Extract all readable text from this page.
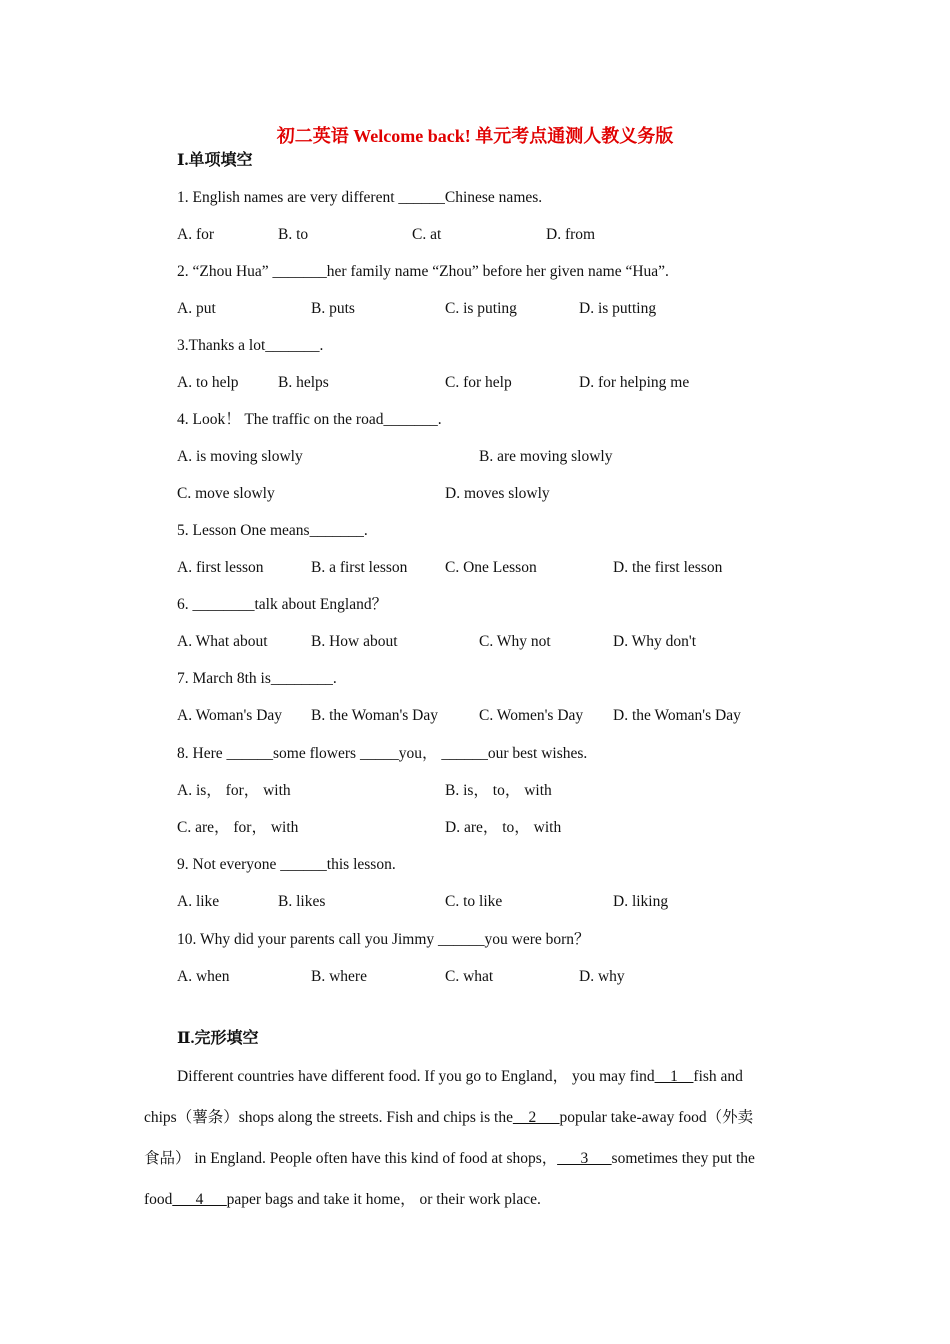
初二英语 Welcome back! 单元考点通测人教义务版
Ⅰ.单项填空
1. English names are very different ______Chinese names.
A. for	B. to	C. at	D. from
2. “Zhou Hua” _______her family name “Zhou” before her given name “Hua”.
A. put	B. puts	C. is puting	D. is putting
3.Thanks a lot_______.
A. to help	B. helps	C. for help	D. for helping me
4. Look！ The traffic on the road_______.
A. is moving slowly	B. are moving slowly
C. move slowly	D. moves slowly
5. Lesson One means_______.
A. first lesson	B. a first lesson C. One Lesson	D. the first lesson
6. ________talk about England？
A. What about	B. How about	C. Why not	D. Why don't
7. March 8th is________.
A. Woman's Day B. the Woman's Day	C. Women's Day D. the Woman's Day
8. Here ______some flowers _____you， ______our best wishes.
A. is， for， with	B. is， to， with
C. are， for， with	D. are， to， with
9. Not everyone ______this lesson.
A. like	B. likes	C. to like	D. liking
10. Why did your parents call you Jimmy ______you were born？
A. when	B. where	C. what	D. why
Ⅱ.完形填空
Different countries have different food. If you go to England， you may find__1__fish and
chips（薯条）shops along the streets. Fish and chips is the__2___popular take-away food（外卖
食品） in England. People often have this kind of food at shops，___3___sometimes they put the
food___4___paper bags and take it home， or their work place.
